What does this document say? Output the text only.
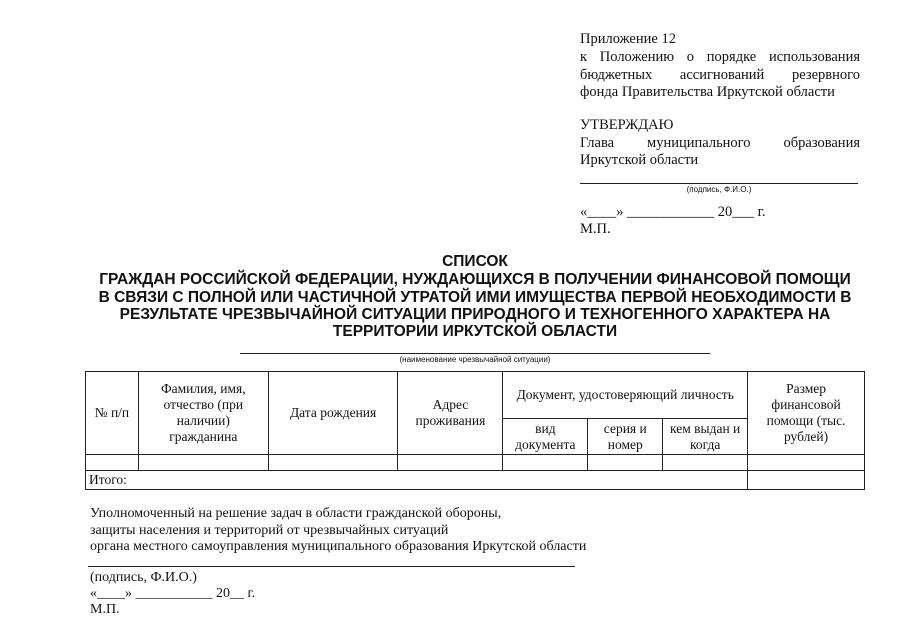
Приложение 12
к Положению о порядке использования
бюджетных ассигнований резервного
фонда Правительства Иркутской области
УТВЕРЖДАЮ
Глава муниципального образования
Иркутской области
(подпись, Ф.И.О.)
«____» ____________ 20___ г.
М.П.
СПИСОК
ГРАЖДАН РОССИЙСКОЙ ФЕДЕРАЦИИ, НУЖДАЮЩИХСЯ В ПОЛУЧЕНИИ ФИНАНСОВОЙ ПОМОЩИ
В СВЯЗИ С ПОЛНОЙ ИЛИ ЧАСТИЧНОЙ УТРАТОЙ ИМИ ИМУЩЕСТВА ПЕРВОЙ НЕОБХОДИМОСТИ В
РЕЗУЛЬТАТЕ ЧРЕЗВЫЧАЙНОЙ СИТУАЦИИ ПРИРОДНОГО И ТЕХНОГЕННОГО ХАРАКТЕРА НА
ТЕРРИТОРИИ ИРКУТСКОЙ ОБЛАСТИ
(наименование чрезвычайной ситуации)
№ п/п	Фамилия, имя, отчество (при наличии) гражданина	Дата рождения	Адрес проживания	Документ, удостоверяющий личность			Размер финансовой помощи (тыс. рублей)
				вид документа	серия и номер	кем выдан и когда	

Итого:							
Уполномоченный на решение задач в области гражданской обороны,
защиты населения и территорий от чрезвычайных ситуаций
органа местного самоуправления муниципального образования Иркутской области
(подпись, Ф.И.О.)
«____» ___________ 20__ г.
М.П.
